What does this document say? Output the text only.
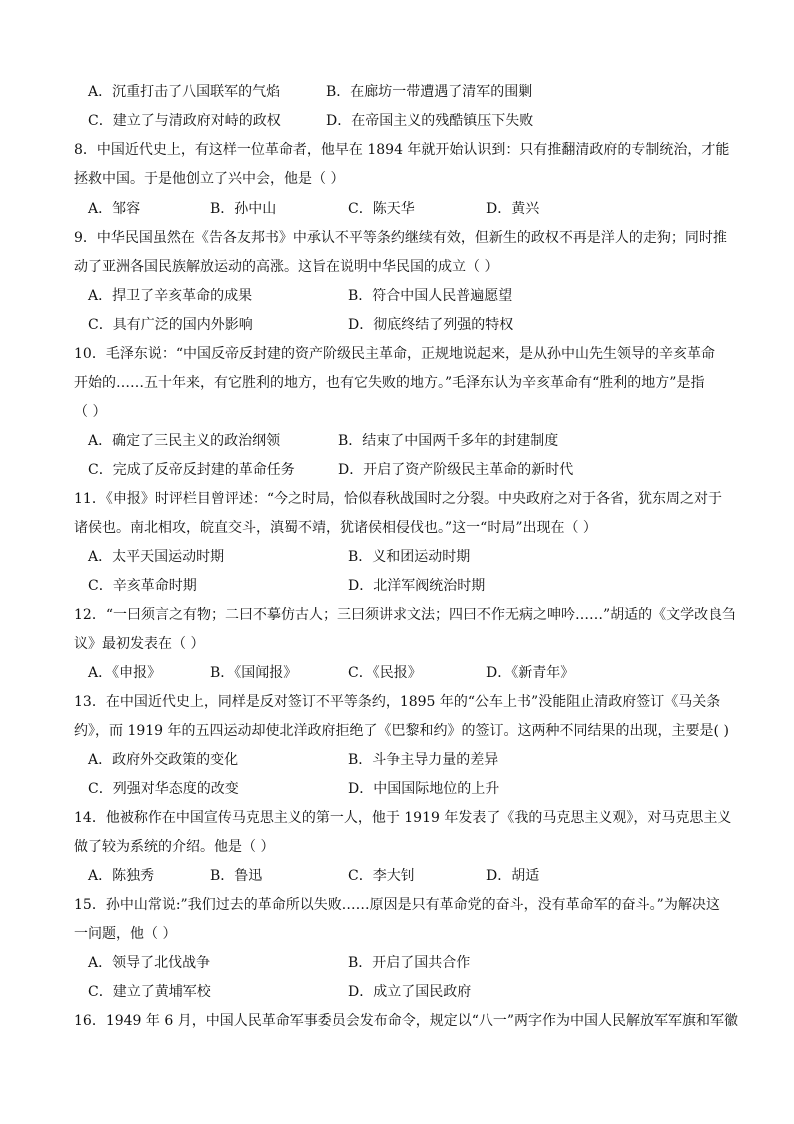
A．沉重打击了八国联军的气焰	B．在廊坊一带遭遇了清军的围剿
C．建立了与清政府对峙的政权	D．在帝国主义的残酷镇压下失败
8．中国近代史上，有这样一位革命者，他早在 1894 年就开始认识到：只有推翻清政府的专制统治，才能
拯救中国。于是他创立了兴中会，他是（ ）
A．邹容	B．孙中山	C．陈天华	D．黄兴
9．中华民国虽然在《告各友邦书》中承认不平等条约继续有效，但新生的政权不再是洋人的走狗；同时推
动了亚洲各国民族解放运动的高涨。这旨在说明中华民国的成立（ ）
A．捍卫了辛亥革命的成果	B．符合中国人民普遍愿望
C．具有广泛的国内外影响	D．彻底终结了列强的特权
10．毛泽东说：“中国反帝反封建的资产阶级民主革命，正规地说起来，是从孙中山先生领导的辛亥革命
开始的……五十年来，有它胜利的地方，也有它失败的地方。”毛泽东认为辛亥革命有“胜利的地方”是指
（ ）
A．确定了三民主义的政治纲领	B．结束了中国两千多年的封建制度
C．完成了反帝反封建的革命任务	D．开启了资产阶级民主革命的新时代
11．《申报》时评栏目曾评述：“今之时局，恰似春秋战国时之分裂。中央政府之对于各省，犹东周之对于
诸侯也。南北相攻，皖直交斗，滇蜀不靖，犹诸侯相侵伐也。”这一“时局”出现在（ ）
A．太平天国运动时期	B．义和团运动时期
C．辛亥革命时期	D．北洋军阀统治时期
12．“一曰须言之有物；二曰不摹仿古人；三曰须讲求文法；四曰不作无病之呻吟……”胡适的《文学改良刍
议》最初发表在（ ）
A．《申报》	B．《国闻报》	C．《民报》	D．《新青年》
13．在中国近代史上，同样是反对签订不平等条约，1895 年的“公车上书”没能阻止清政府签订《马关条
约》，而 1919 年的五四运动却使北洋政府拒绝了《巴黎和约》的签订。这两种不同结果的出现，主要是( )
A．政府外交政策的变化	B．斗争主导力量的差异
C．列强对华态度的改变	D．中国国际地位的上升
14．他被称作在中国宣传马克思主义的第一人，他于 1919 年发表了《我的马克思主义观》，对马克思主义
做了较为系统的介绍。他是（ ）
A．陈独秀	B．鲁迅	C．李大钊	D．胡适
15．孙中山常说:”我们过去的革命所以失败……原因是只有革命党的奋斗，没有革命军的奋斗。”为解决这
一问题，他（ ）
A．领导了北伐战争	B．开启了国共合作
C．建立了黄埔军校	D．成立了国民政府
16．1949 年 6 月，中国人民革命军事委员会发布命令，规定以“八一”两字作为中国人民解放军军旗和军徽
